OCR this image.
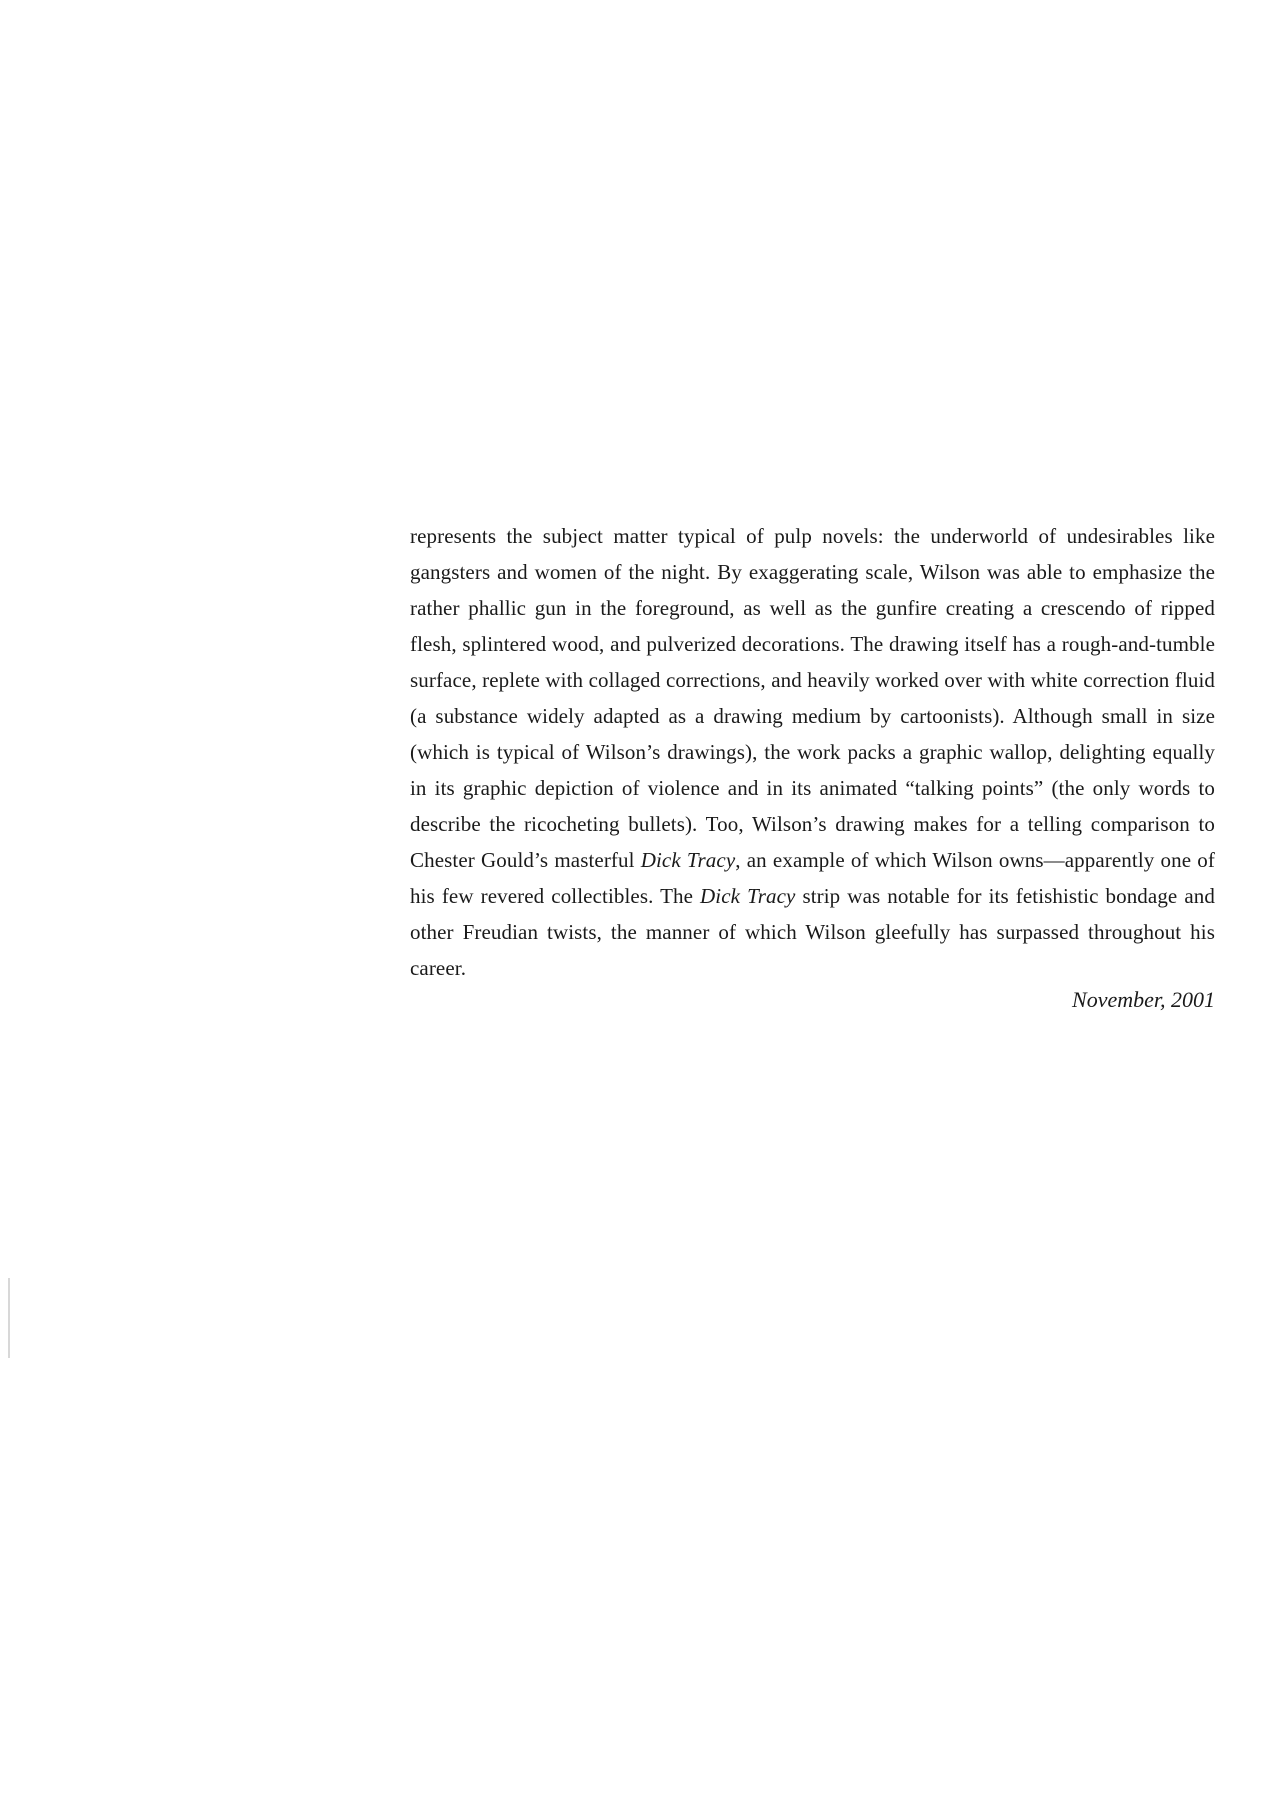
represents the subject matter typical of pulp novels: the underworld of undesirables like gangsters and women of the night. By exaggerating scale, Wilson was able to emphasize the rather phallic gun in the foreground, as well as the gunfire creating a crescendo of ripped flesh, splintered wood, and pulverized decorations. The drawing itself has a rough-and-tumble surface, replete with collaged corrections, and heavily worked over with white correction fluid (a substance widely adapted as a drawing medium by cartoonists). Although small in size (which is typical of Wilson’s drawings), the work packs a graphic wallop, delighting equally in its graphic depiction of violence and in its animated “talking points” (the only words to describe the ricocheting bullets). Too, Wilson’s drawing makes for a telling comparison to Chester Gould’s masterful Dick Tracy, an example of which Wilson owns—apparently one of his few revered collectibles. The Dick Tracy strip was notable for its fetishistic bondage and other Freudian twists, the manner of which Wilson gleefully has surpassed throughout his career.

November, 2001
